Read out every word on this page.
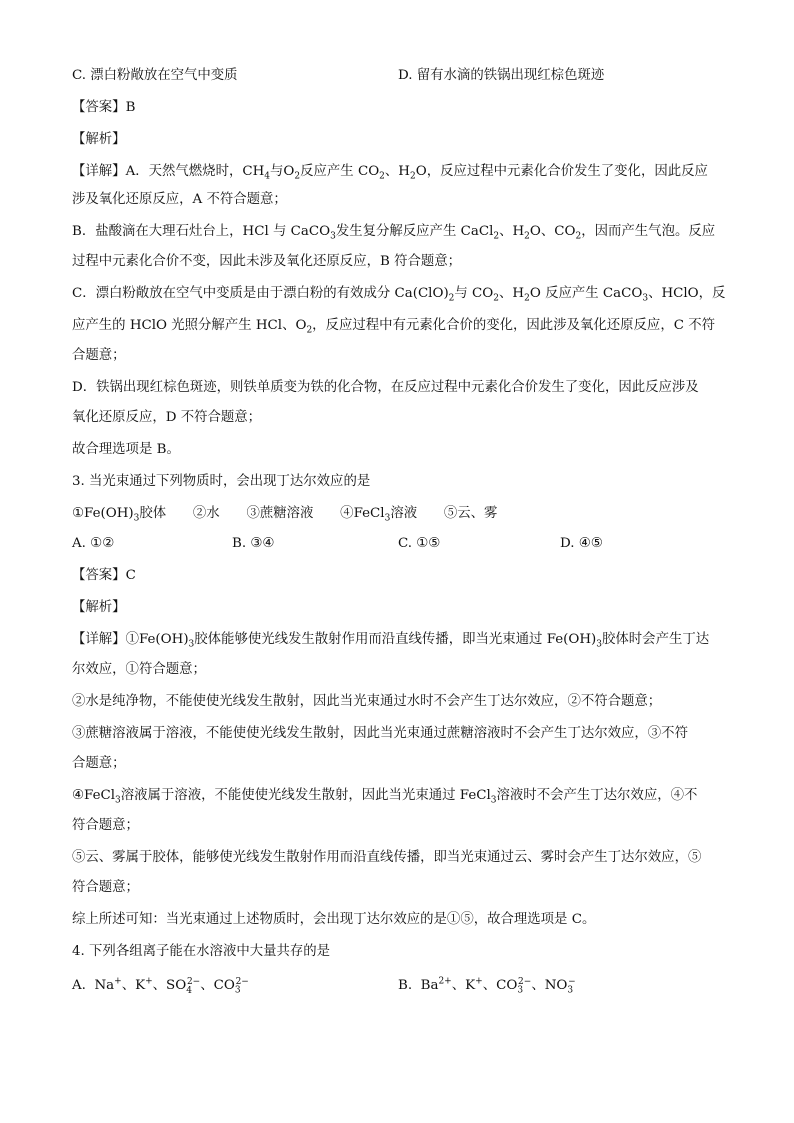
C. 漂白粉敞放在空气中变质	D. 留有水滴的铁锅出现红棕色斑迹
【答案】B
【解析】
【详解】A．天然气燃烧时，$CH_4$与$O_2$反应产生 $CO_2$、$H_2O$，反应过程中元素化合价发生了变化，因此反应
涉及氧化还原反应，A 不符合题意；
B．盐酸滴在大理石灶台上，HCl 与 CaCO$_3$发生复分解反应产生 CaCl$_2$、$H_2O$、$CO_2$，因而产生气泡。反应
过程中元素化合价不变，因此未涉及氧化还原反应，B 符合题意；
C．漂白粉敞放在空气中变质是由于漂白粉的有效成分 $Ca(ClO)_2$与 $CO_2$、$H_2O$ 反应产生 CaCO$_3$、HClO，反
应产生的 HClO 光照分解产生 HCl、$O_2$，反应过程中有元素化合价的变化，因此涉及氧化还原反应，C 不符
合题意；
D．铁锅出现红棕色斑迹，则铁单质变为铁的化合物，在反应过程中元素化合价发生了变化，因此反应涉及
氧化还原反应，D 不符合题意；
故合理选项是 B。
3. 当光束通过下列物质时，会出现丁达尔效应的是
$①Fe(OH)_3$胶体　　②水　　③蔗糖溶液　　④FeCl$_3$溶液　　⑤云、雾
A. ①②	B. ③④	C. ①⑤	D. ④⑤
【答案】C
【解析】
【详解】$①Fe(OH)_3$胶体能够使光线发生散射作用而沿直线传播，即当光束通过 $Fe(OH)_3$胶体时会产生丁达
尔效应，①符合题意；
②水是纯净物，不能使使光线发生散射，因此当光束通过水时不会产生丁达尔效应，②不符合题意；
③蔗糖溶液属于溶液，不能使使光线发生散射，因此当光束通过蔗糖溶液时不会产生丁达尔效应，③不符
合题意；
④FeCl$_3$溶液属于溶液，不能使使光线发生散射，因此当光束通过 FeCl$_3$溶液时不会产生丁达尔效应，④不
符合题意；
⑤云、雾属于胶体，能够使光线发生散射作用而沿直线传播，即当光束通过云、雾时会产生丁达尔效应，⑤
符合题意；
综上所述可知：当光束通过上述物质时，会出现丁达尔效应的是①⑤，故合理选项是 C。
4. 下列各组离子能在水溶液中大量共存的是
A.  Na+、K+、$SO_4^{2-}$、$CO_3^{2-}$	B.  $Ba^{2+}$、K+、$CO_3^{2-}$、$NO_3^-$
